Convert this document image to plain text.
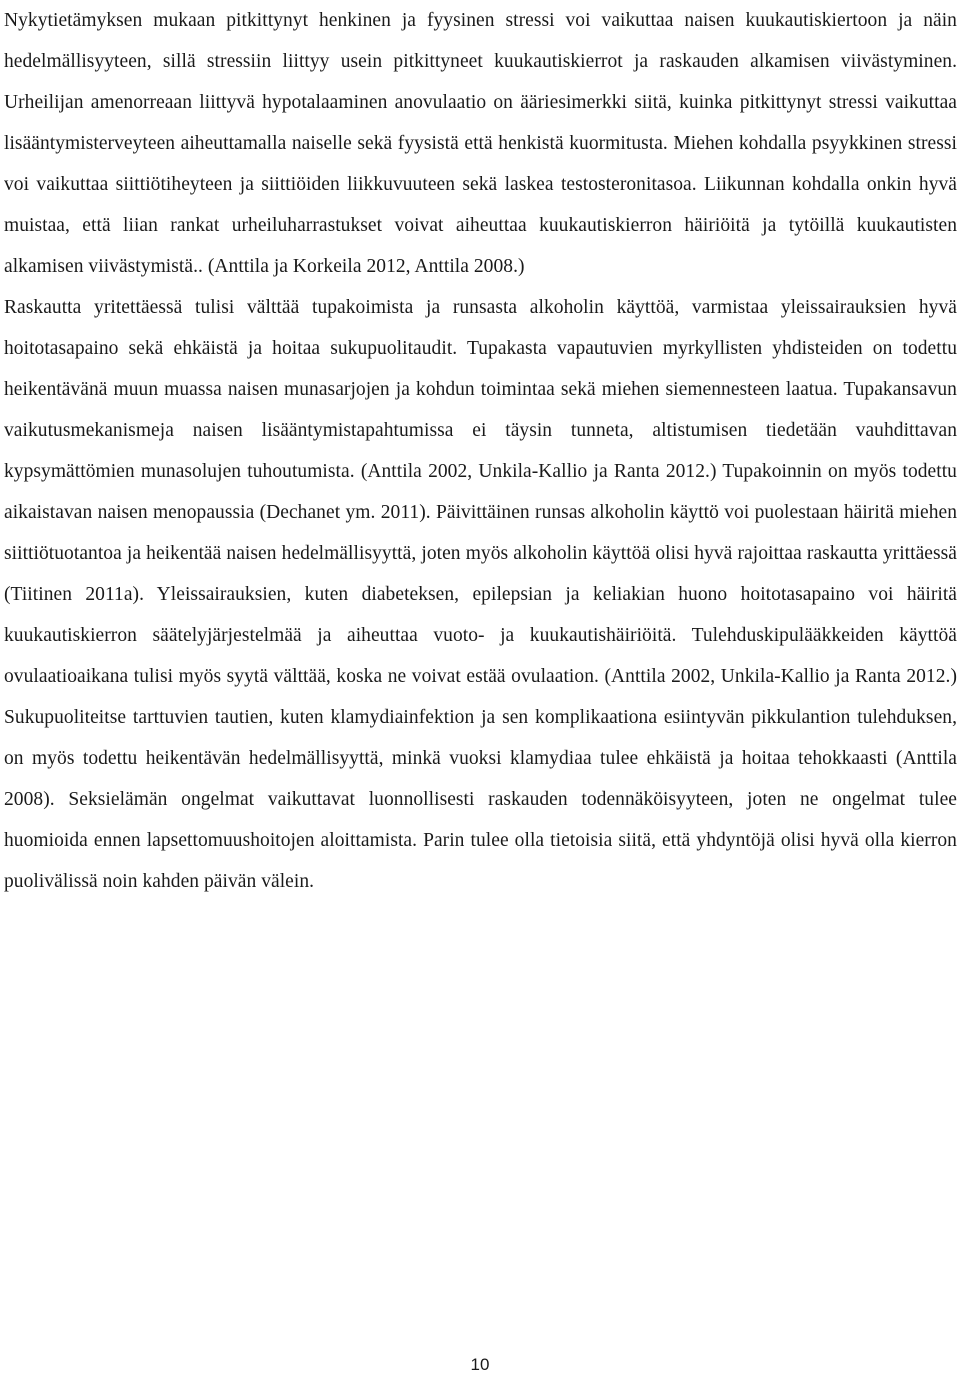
Nykytietämyksen mukaan pitkittynyt henkinen ja fyysinen stressi voi vaikuttaa naisen kuukautiskiertoon ja näin hedelmällisyyteen, sillä stressiin liittyy usein pitkittyneet kuukautiskierrot ja raskauden alkamisen viivästyminen. Urheilijan amenorreaan liittyvä hypotalaaminen anovulaatio on ääriesimerkki siitä, kuinka pitkittynyt stressi vaikuttaa lisääntymisterveyteen aiheuttamalla naiselle sekä fyysistä että henkistä kuormitusta. Miehen kohdalla psyykkinen stressi voi vaikuttaa siittiötiheyteen ja siittiöiden liikkuvuuteen sekä laskea testosteronitasoa. Liikunnan kohdalla onkin hyvä muistaa, että liian rankat urheiluharrastukset voivat aiheuttaa kuukautiskierron häiriöitä ja tytöillä kuukautisten alkamisen viivästymistä.. (Anttila ja Korkeila 2012, Anttila 2008.)

Raskautta yritettäessä tulisi välttää tupakoimista ja runsasta alkoholin käyttöä, varmistaa yleissairauksien hyvä hoitotasapaino sekä ehkäistä ja hoitaa sukupuolitaudit. Tupakasta vapautuvien myrkyllisten yhdisteiden on todettu heikentävänä muun muassa naisen munasarjojen ja kohdun toimintaa sekä miehen siemennesteen laatua. Tupakansavun vaikutusmekanismeja naisen lisääntymistapahtumissa ei täysin tunneta, altistumisen tiedetään vauhdittavan kypsymättömien munasolujen tuhoutumista. (Anttila 2002, Unkila-Kallio ja Ranta 2012.) Tupakoinnin on myös todettu aikaistavan naisen menopaussia (Dechanet ym. 2011). Päivittäinen runsas alkoholin käyttö voi puolestaan häiritä miehen siittiötuotantoa ja heikentää naisen hedelmällisyyttä, joten myös alkoholin käyttöä olisi hyvä rajoittaa raskautta yrittäessä (Tiitinen 2011a). Yleissairauksien, kuten diabeteksen, epilepsian ja keliakian huono hoitotasapaino voi häiritä kuukautiskierron säätelyjärjestelmää ja aiheuttaa vuoto- ja kuukautishäiriöitä. Tulehduskipulääkkeiden käyttöä ovulaatioaikana tulisi myös syytä välttää, koska ne voivat estää ovulaation. (Anttila 2002, Unkila-Kallio ja Ranta 2012.) Sukupuoliteitse tarttuvien tautien, kuten klamydiainfektion ja sen komplikaationa esiintyvän pikkulantion tulehduksen, on myös todettu heikentävän hedelmällisyyttä, minkä vuoksi klamydiaa tulee ehkäistä ja hoitaa tehokkaasti (Anttila 2008). Seksielämän ongelmat vaikuttavat luonnollisesti raskauden todennäköisyyteen, joten ne ongelmat tulee huomioida ennen lapsettomuushoitojen aloittamista. Parin tulee olla tietoisia siitä, että yhdyntöjä olisi hyvä olla kierron puolivälissä noin kahden päivän välein.

10
